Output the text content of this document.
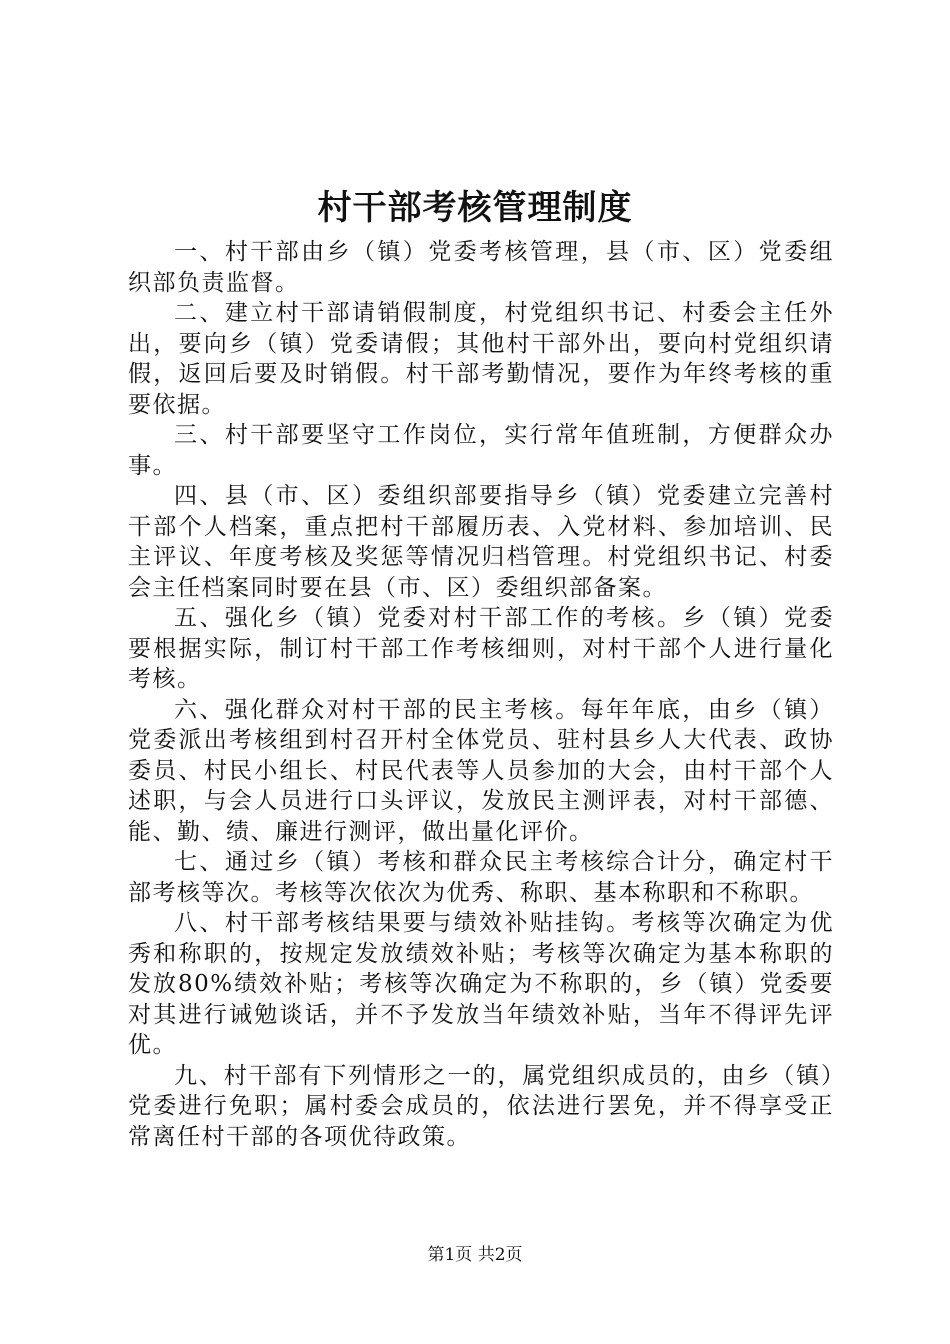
村干部考核管理制度

一、村干部由乡（镇）党委考核管理，县（市、区）党委组织部负责监督。

二、建立村干部请销假制度，村党组织书记、村委会主任外出，要向乡（镇）党委请假；其他村干部外出，要向村党组织请假，返回后要及时销假。村干部考勤情况，要作为年终考核的重要依据。

三、村干部要坚守工作岗位，实行常年值班制，方便群众办事。

四、县（市、区）委组织部要指导乡（镇）党委建立完善村干部个人档案，重点把村干部履历表、入党材料、参加培训、民主评议、年度考核及奖惩等情况归档管理。村党组织书记、村委会主任档案同时要在县（市、区）委组织部备案。

五、强化乡（镇）党委对村干部工作的考核。乡（镇）党委要根据实际，制订村干部工作考核细则，对村干部个人进行量化考核。

六、强化群众对村干部的民主考核。每年年底，由乡（镇）党委派出考核组到村召开村全体党员、驻村县乡人大代表、政协委员、村民小组长、村民代表等人员参加的大会，由村干部个人述职，与会人员进行口头评议，发放民主测评表，对村干部德、能、勤、绩、廉进行测评，做出量化评价。

七、通过乡（镇）考核和群众民主考核综合计分，确定村干部考核等次。考核等次依次为优秀、称职、基本称职和不称职。

八、村干部考核结果要与绩效补贴挂钩。考核等次确定为优秀和称职的，按规定发放绩效补贴；考核等次确定为基本称职的发放80%绩效补贴；考核等次确定为不称职的，乡（镇）党委要对其进行诫勉谈话，并不予发放当年绩效补贴，当年不得评先评优。

九、村干部有下列情形之一的，属党组织成员的，由乡（镇）党委进行免职；属村委会成员的，依法进行罢免，并不得享受正常离任村干部的各项优待政策。

第1页 共2页
